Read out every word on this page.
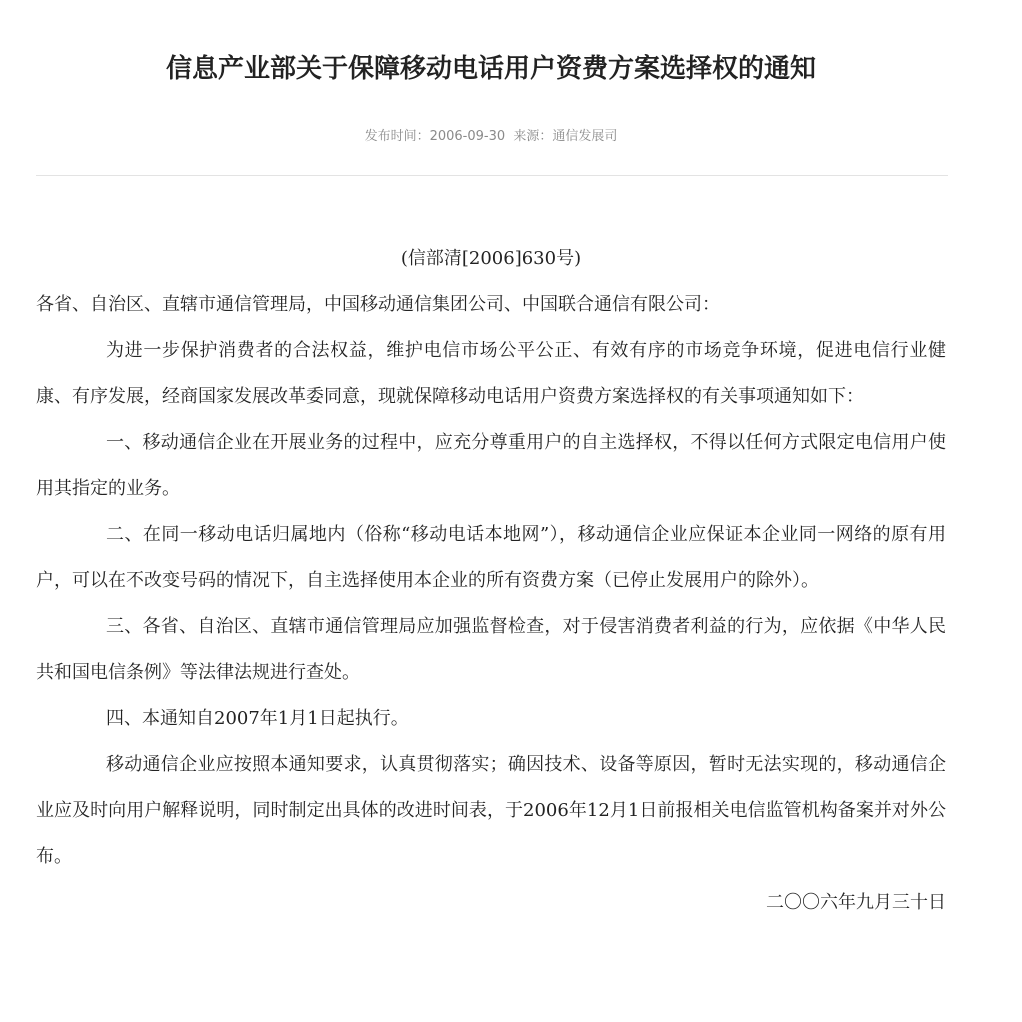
信息产业部关于保障移动电话用户资费方案选择权的通知
发布时间：2006-09-30 来源：通信发展司

(信部清[2006]630号)

各省、自治区、直辖市通信管理局，中国移动通信集团公司、中国联合通信有限公司：

为进一步保护消费者的合法权益，维护电信市场公平公正、有效有序的市场竞争环境，促进电信行业健康、有序发展，经商国家发展改革委同意，现就保障移动电话用户资费方案选择权的有关事项通知如下：

一、移动通信企业在开展业务的过程中，应充分尊重用户的自主选择权，不得以任何方式限定电信用户使用其指定的业务。

二、在同一移动电话归属地内（俗称“移动电话本地网”），移动通信企业应保证本企业同一网络的原有用户，可以在不改变号码的情况下，自主选择使用本企业的所有资费方案（已停止发展用户的除外）。

三、各省、自治区、直辖市通信管理局应加强监督检查，对于侵害消费者利益的行为，应依据《中华人民共和国电信条例》等法律法规进行查处。

四、本通知自2007年1月1日起执行。

移动通信企业应按照本通知要求，认真贯彻落实；确因技术、设备等原因，暂时无法实现的，移动通信企业应及时向用户解释说明，同时制定出具体的改进时间表，于2006年12月1日前报相关电信监管机构备案并对外公布。

二〇〇六年九月三十日
